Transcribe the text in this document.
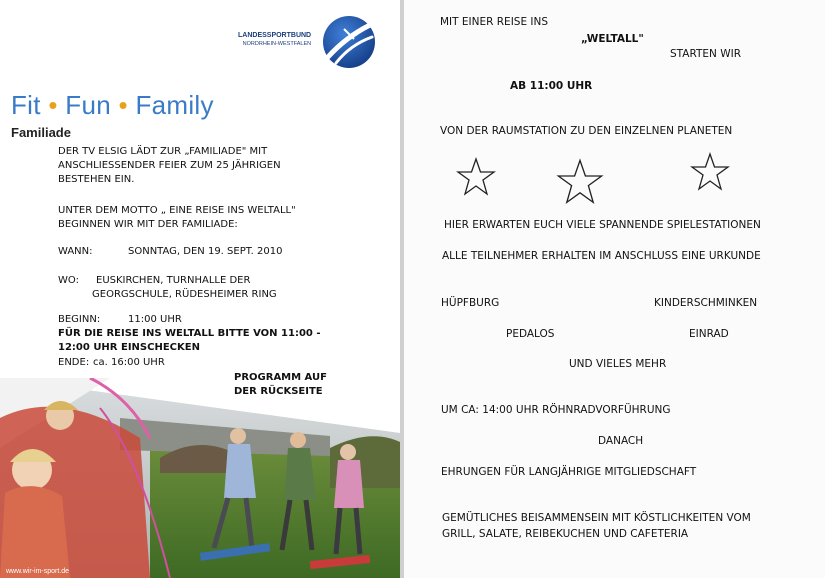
LANDESSPORTBUND
NORDRHEIN-WESTFALEN
Fit • Fun • Family
Familiade
DER TV ELSIG LÄDT ZUR „FAMILIADE" MIT
ANSCHLIESSENDER FEIER ZUM 25 JÄHRIGEN
BESTEHEN EIN.
UNTER DEM MOTTO „ EINE REISE INS WELTALL"
BEGINNEN WIR MIT DER FAMILIADE:
WANN:	SONNTAG, DEN 19. SEPT. 2010
WO: EUSKIRCHEN, TURNHALLE DER
GEORGSCHULE, RÜDESHEIMER RING
BEGINN:	11:00 UHR
FÜR DIE REISE INS WELTALL BITTE VON 11:00 -
12:00 UHR EINSCHECKEN
ENDE: ca. 16:00 UHR
PROGRAMM AUF
DER RÜCKSEITE
www.wir-im-sport.de
MIT EINER REISE INS
„WELTALL"
STARTEN WIR
AB 11:00 UHR
VON DER RAUMSTATION ZU DEN EINZELNEN PLANETEN
HIER ERWARTEN EUCH VIELE SPANNENDE SPIELESTATIONEN
ALLE TEILNEHMER ERHALTEN IM ANSCHLUSS EINE URKUNDE
HÜPFBURG	KINDERSCHMINKEN
PEDALOS	EINRAD
UND VIELES MEHR
UM CA: 14:00 UHR RÖHNRADVORFÜHRUNG
DANACH
EHRUNGEN FÜR LANGJÄHRIGE MITGLIEDSCHAFT
GEMÜTLICHES BEISAMMENSEIN MIT KÖSTLICHKEITEN VOM
GRILL, SALATE, REIBEKUCHEN UND CAFETERIA
